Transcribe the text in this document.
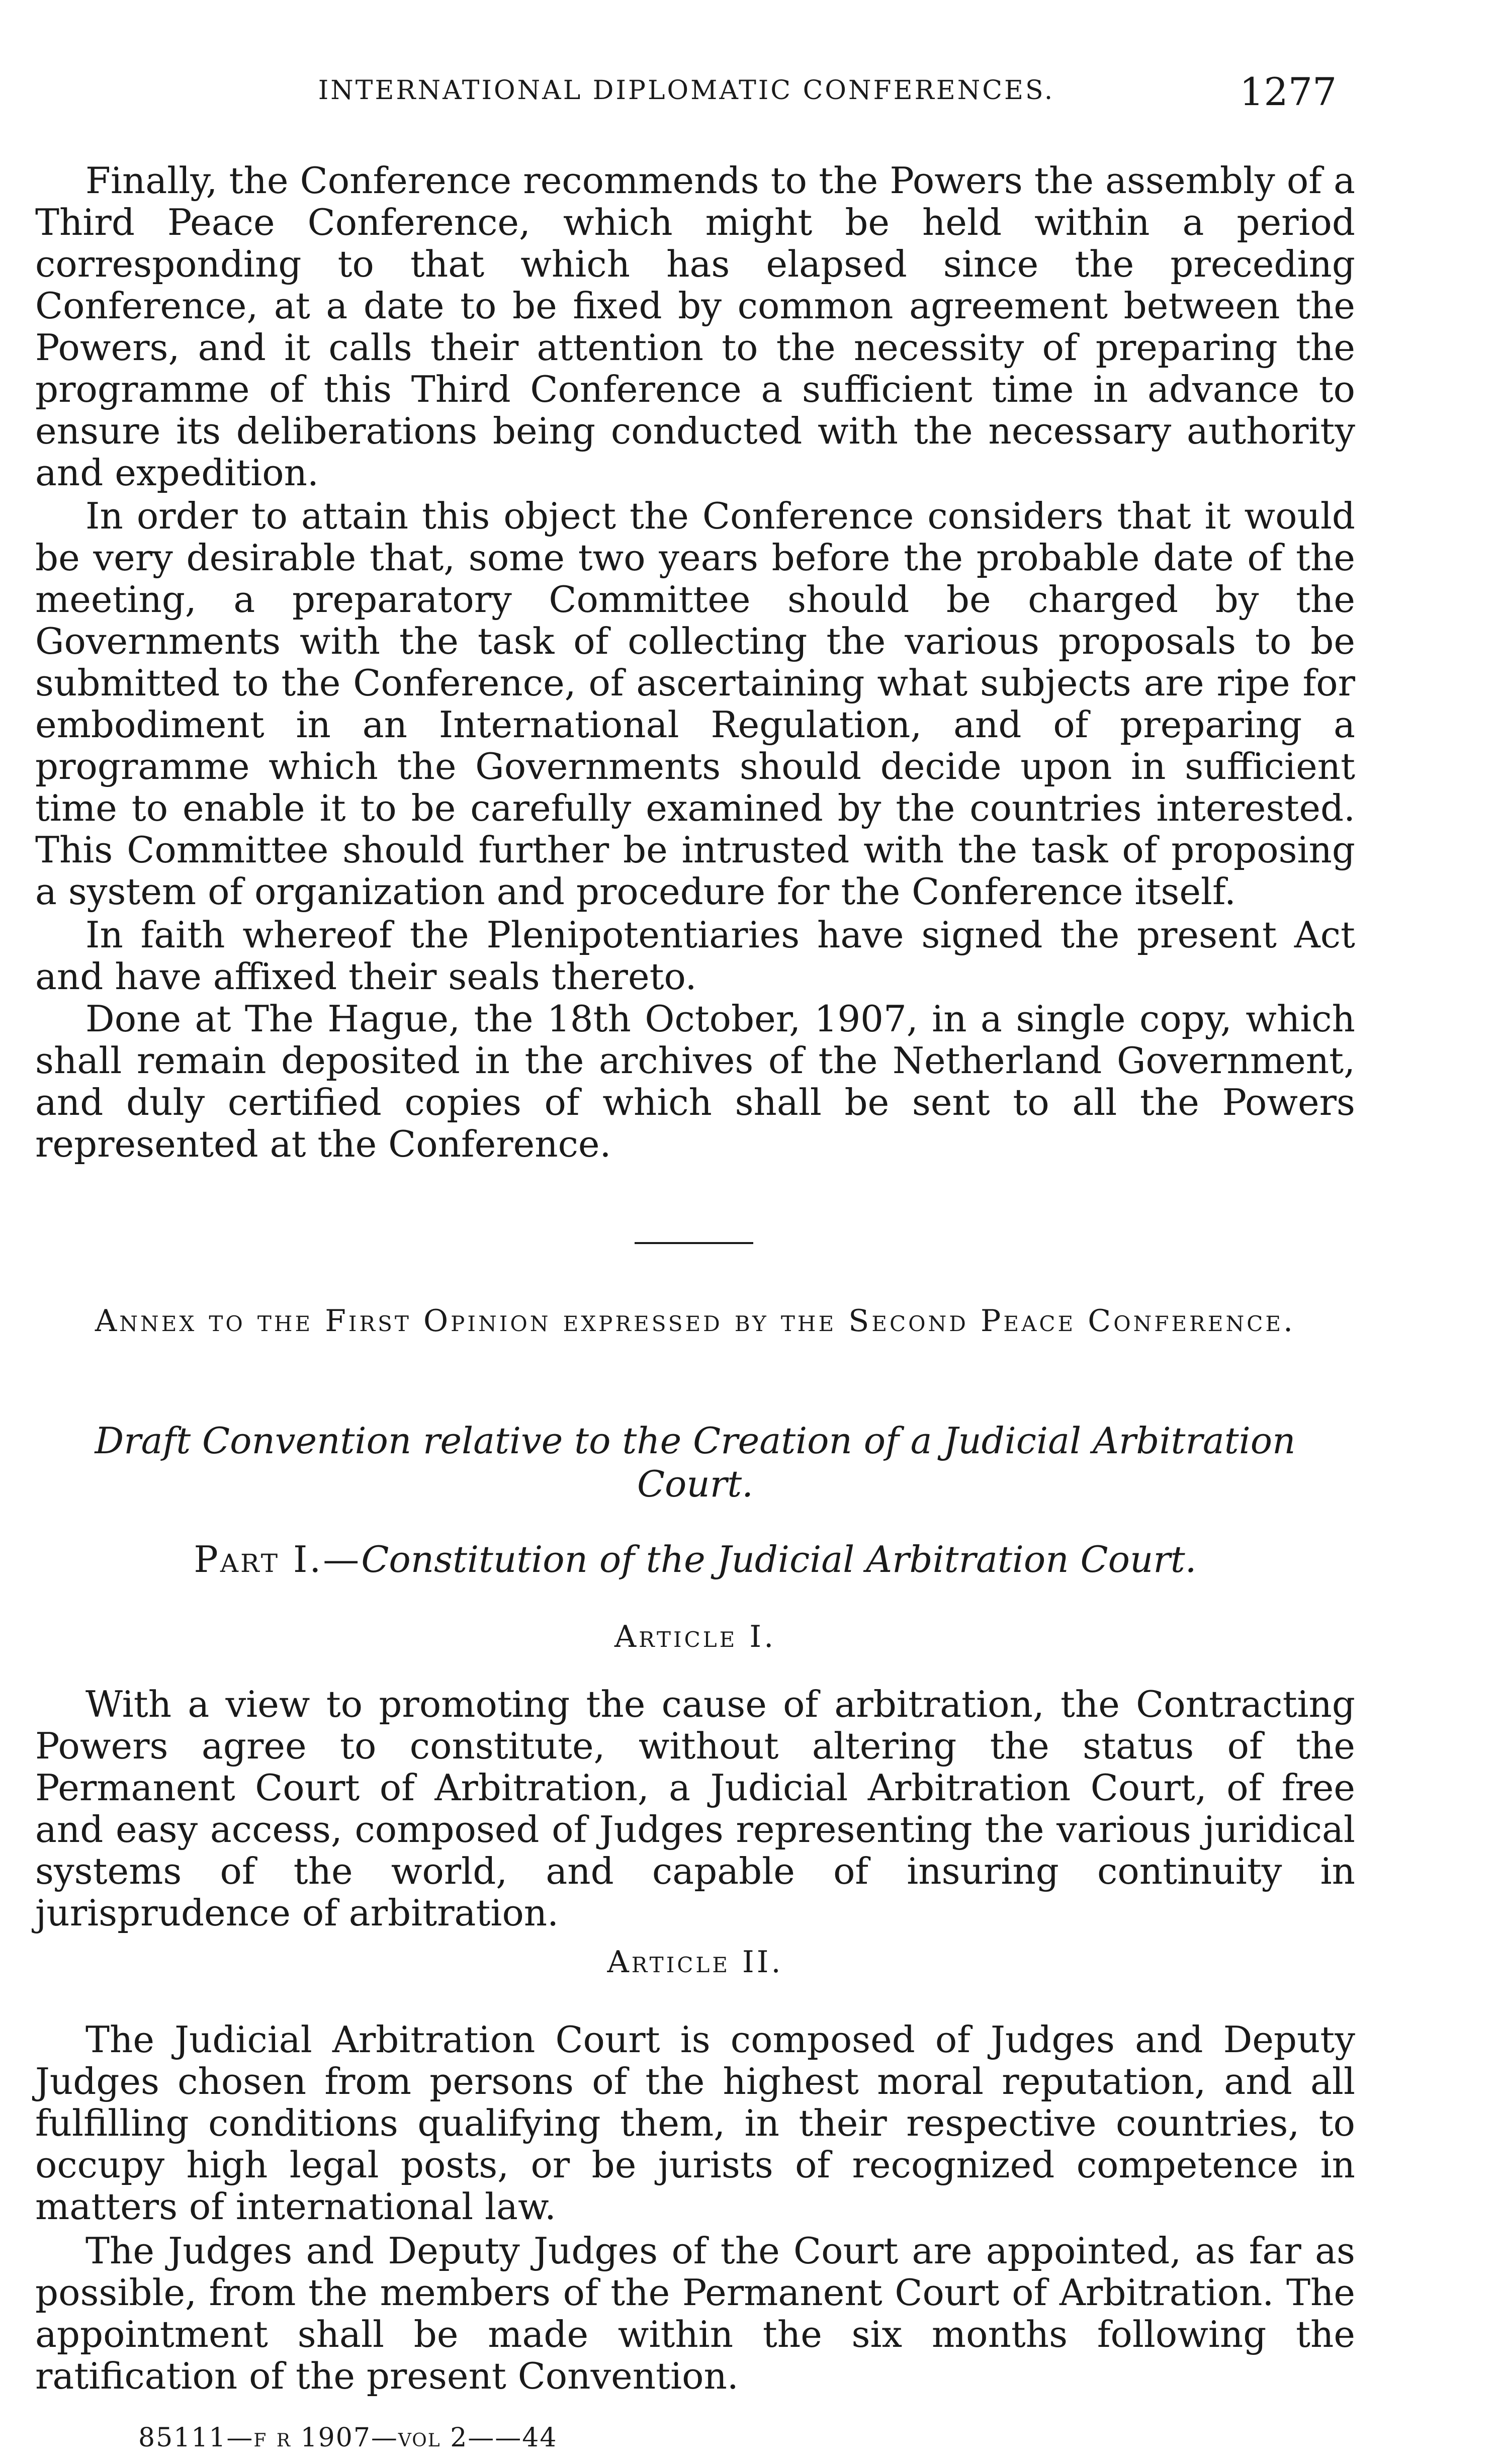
INTERNATIONAL DIPLOMATIC CONFERENCES.	1277

Finally, the Conference recommends to the Powers the assembly of a Third Peace Conference, which might be held within a period corresponding to that which has elapsed since the preceding Conference, at a date to be fixed by common agreement between the Powers, and it calls their attention to the necessity of preparing the programme of this Third Conference a sufficient time in advance to ensure its deliberations being conducted with the necessary authority and expedition.

In order to attain this object the Conference considers that it would be very desirable that, some two years before the probable date of the meeting, a preparatory Committee should be charged by the Governments with the task of collecting the various proposals to be submitted to the Conference, of ascertaining what subjects are ripe for embodiment in an International Regulation, and of preparing a programme which the Governments should decide upon in sufficient time to enable it to be carefully examined by the countries interested. This Committee should further be intrusted with the task of proposing a system of organization and procedure for the Conference itself.

In faith whereof the Plenipotentiaries have signed the present Act and have affixed their seals thereto.

Done at The Hague, the 18th October, 1907, in a single copy, which shall remain deposited in the archives of the Netherland Government, and duly certified copies of which shall be sent to all the Powers represented at the Conference.

Annex to the First Opinion expressed by the Second Peace Conference.

Draft Convention relative to the Creation of a Judicial Arbitration Court.

Part I.—Constitution of the Judicial Arbitration Court.

Article I.

With a view to promoting the cause of arbitration, the Contracting Powers agree to constitute, without altering the status of the Permanent Court of Arbitration, a Judicial Arbitration Court, of free and easy access, composed of Judges representing the various juridical systems of the world, and capable of insuring continuity in jurisprudence of arbitration.

Article II.

The Judicial Arbitration Court is composed of Judges and Deputy Judges chosen from persons of the highest moral reputation, and all fulfilling conditions qualifying them, in their respective countries, to occupy high legal posts, or be jurists of recognized competence in matters of international law.

The Judges and Deputy Judges of the Court are appointed, as far as possible, from the members of the Permanent Court of Arbitration. The appointment shall be made within the six months following the ratification of the present Convention.

85111—f r 1907—vol 2——44
